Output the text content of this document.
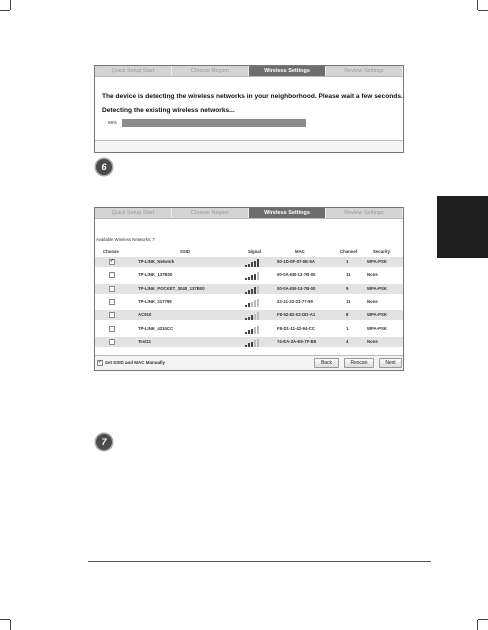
Quick Setup Start	Choose Region	Wireless Settings	Review Settings
The device is detecting the wireless networks in your neighborhood. Please wait a few seconds.
Detecting the existing wireless networks...
68%
6
Quick Setup Start	Choose Region	Wireless Settings	Review Settings
Available Wireless Networks: 7
Choose	SSID	Signal	MAC	Channel	Security
✓
TP-LINK_Network	00-1D-0F-07-0E-5A	1	WPA-PSK
TP-LINK_137B00	00-0A-EB-13-7B-00	11	None
TP-LINK_POCKET_3040_137B00	00-0A-EB-13-7B-00	9	WPA-PSK
TP-LINK_217799	22-21-22-21-77-99	11	None
AC910	F8-52-82-02-DD-A1	8	WPA-PSK
TP-LINK_4234CC	F8-D1-11-42-94-CC	1	WPA-PSK
Test11	74-EA-3A-E6-7F-B5	4	None
✓Set SSID and MAC Manually	Back	Rescan	Next
7
